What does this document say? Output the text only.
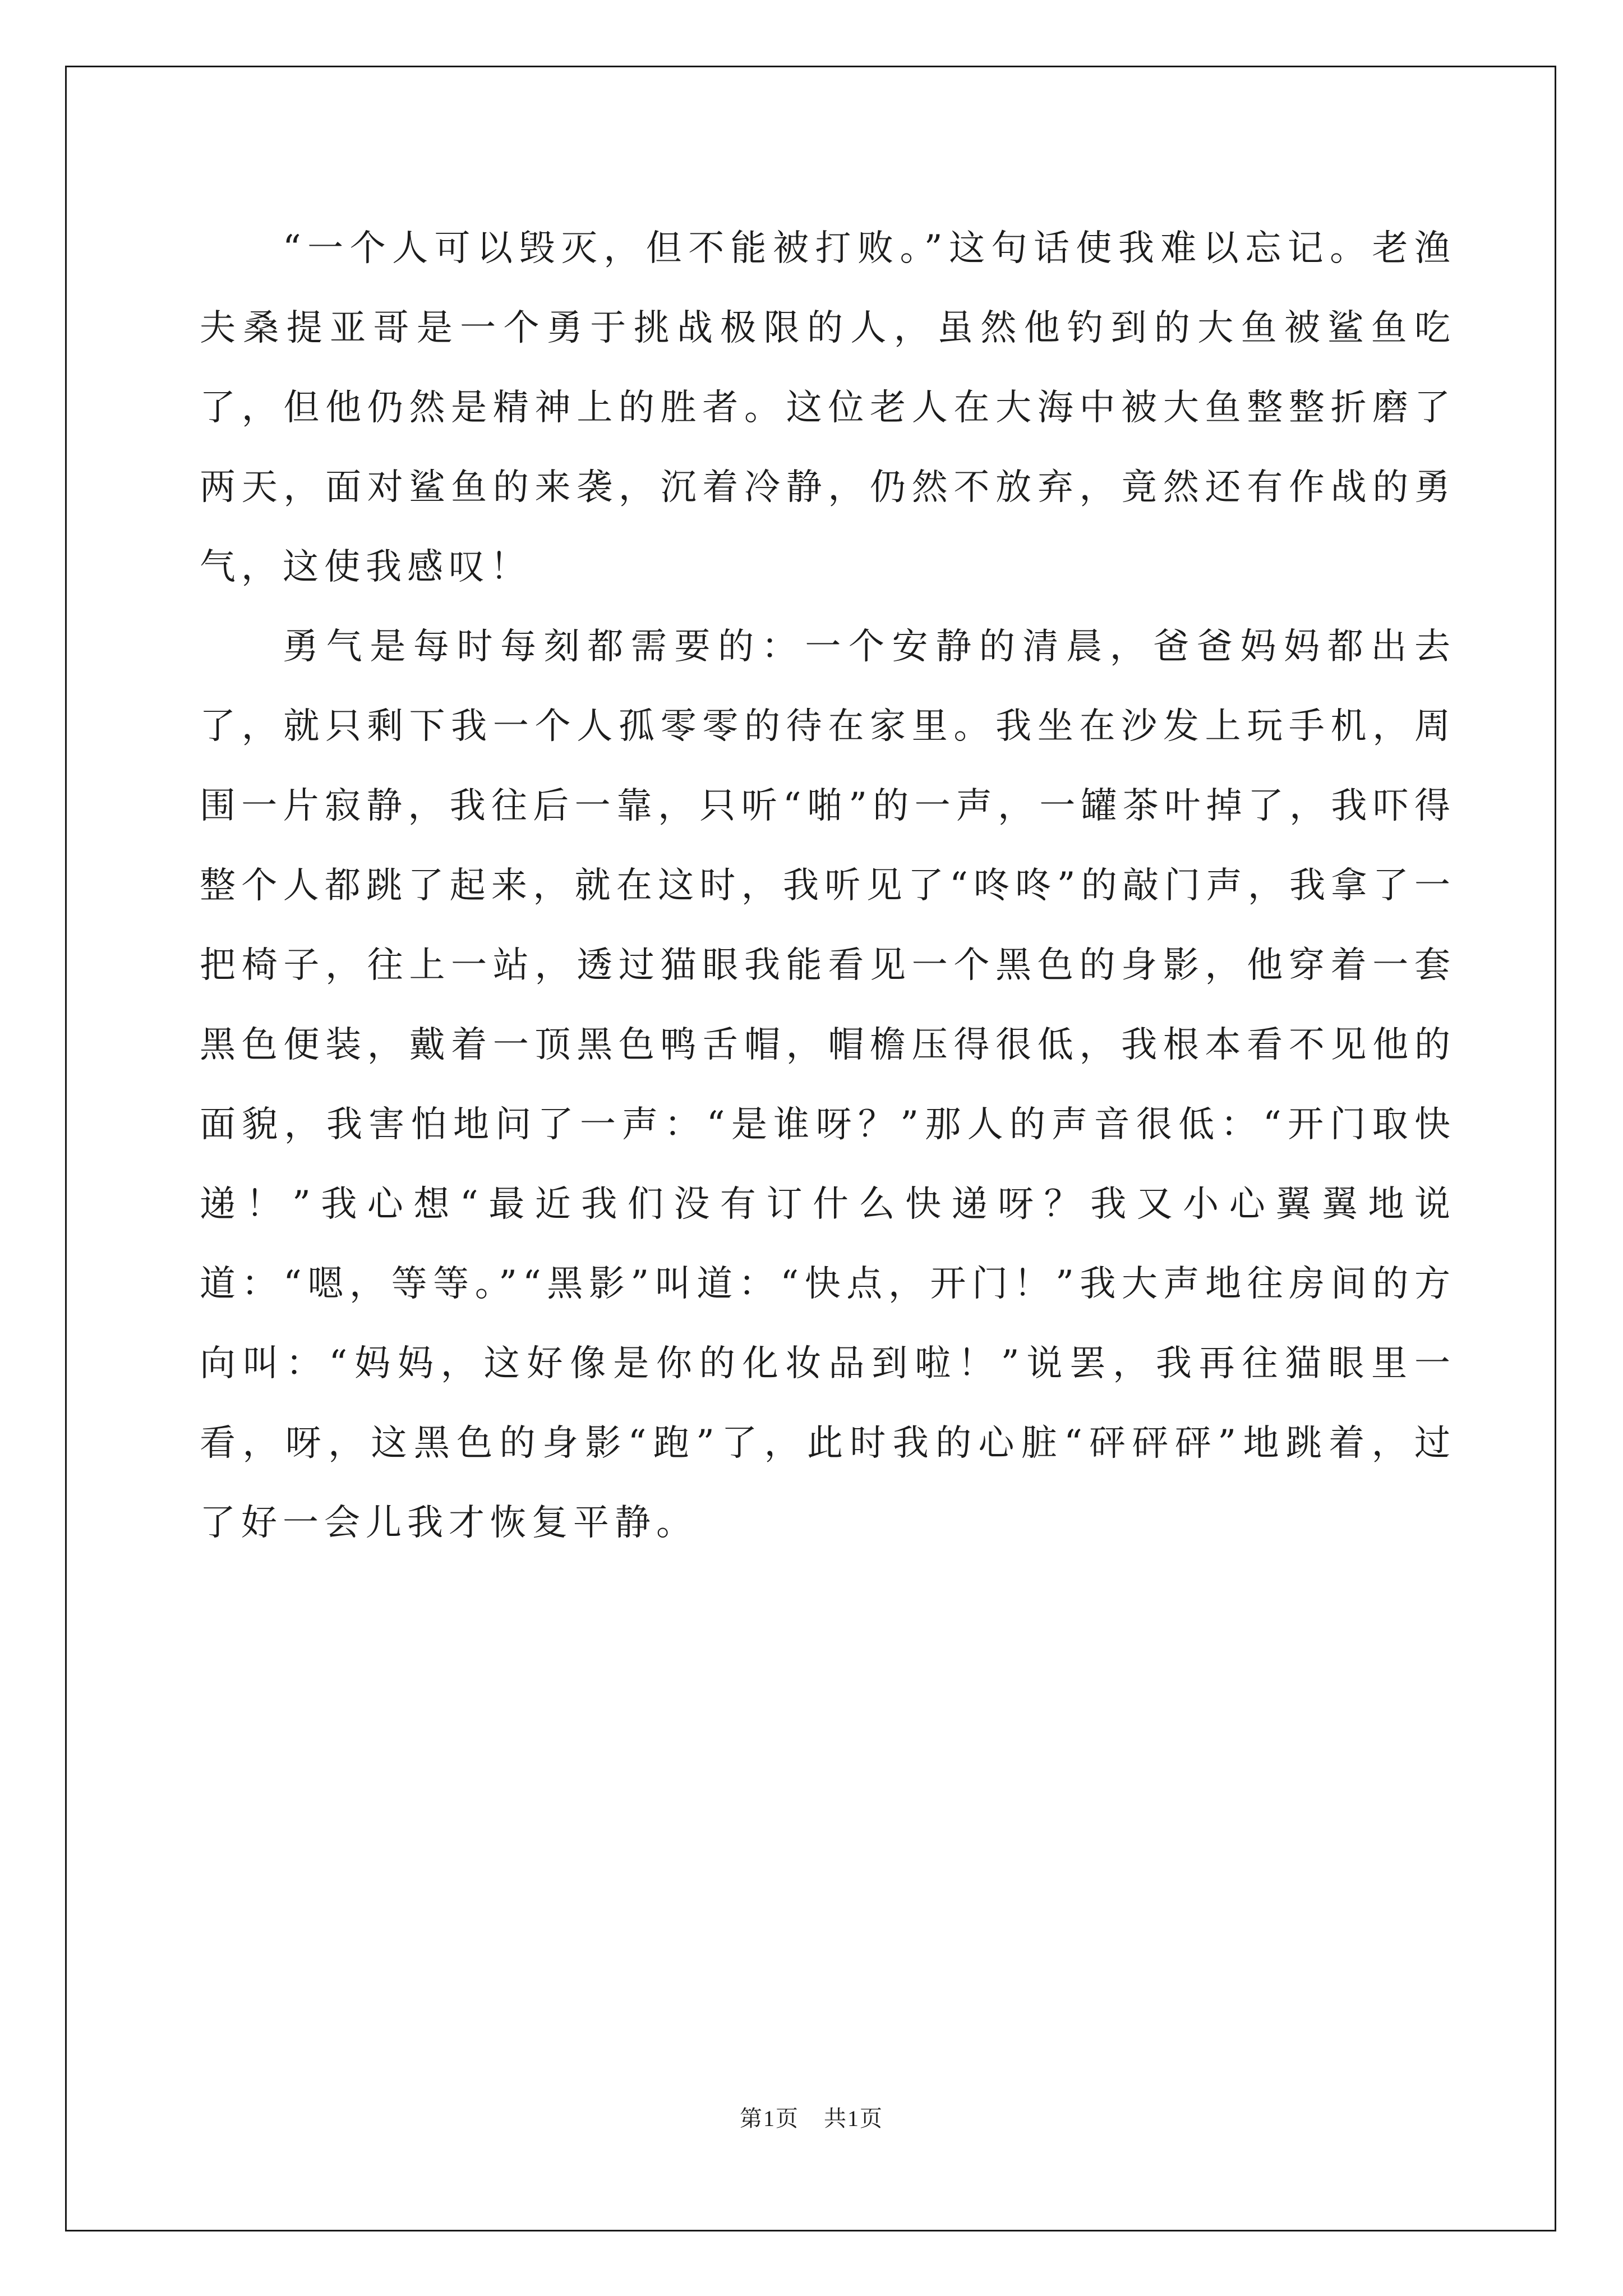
“一个人可以毁灭，但不能被打败。”这句话使我难以忘记。老渔夫桑提亚哥是一个勇于挑战极限的人，虽然他钓到的大鱼被鲨鱼吃了，但他仍然是精神上的胜者。这位老人在大海中被大鱼整整折磨了两天，面对鲨鱼的来袭，沉着冷静，仍然不放弃，竟然还有作战的勇气，这使我感叹！

勇气是每时每刻都需要的：一个安静的清晨，爸爸妈妈都出去了，就只剩下我一个人孤零零的待在家里。我坐在沙发上玩手机，周围一片寂静，我往后一靠，只听“啪”的一声，一罐茶叶掉了，我吓得整个人都跳了起来，就在这时，我听见了“咚咚”的敲门声，我拿了一把椅子，往上一站，透过猫眼我能看见一个黑色的身影，他穿着一套黑色便装，戴着一顶黑色鸭舌帽，帽檐压得很低，我根本看不见他的面貌，我害怕地问了一声：“是谁呀？”那人的声音很低：“开门取快递！”我心想“最近我们没有订什么快递呀？我又小心翼翼地说道：“嗯，等等。”“黑影”叫道：“快点，开门！”我大声地往房间的方向叫：“妈妈，这好像是你的化妆品到啦！”说罢，我再往猫眼里一看，呀，这黑色的身影“跑”了，此时我的心脏“砰砰砰”地跳着，过了好一会儿我才恢复平静。

第1页 共1页
